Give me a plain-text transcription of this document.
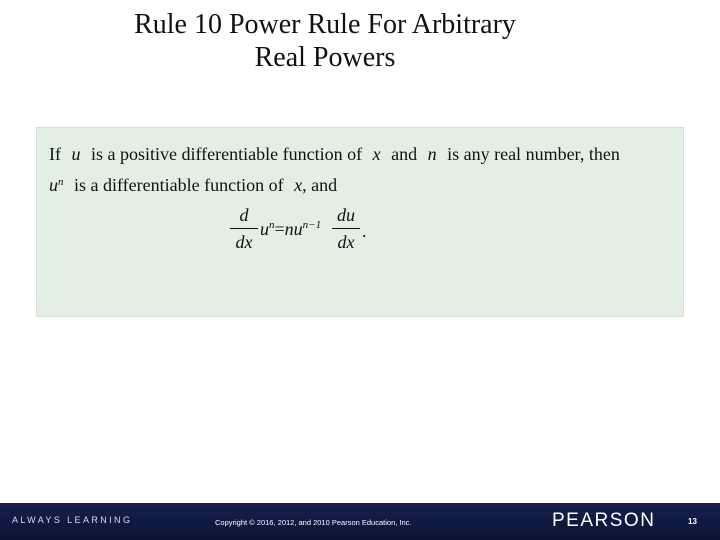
Rule 10 Power Rule For Arbitrary
Real Powers
If u is a positive differentiable function of x and n is any real number, then
$u^n$ is a differentiable function of x, and
$\frac{d}{dx} u^n=nu^{n-1} \frac{du}{dx}$ .
ALWAYS LEARNING	Copyright © 2016, 2012, and 2010 Pearson Education, Inc.	PEARSON	13
